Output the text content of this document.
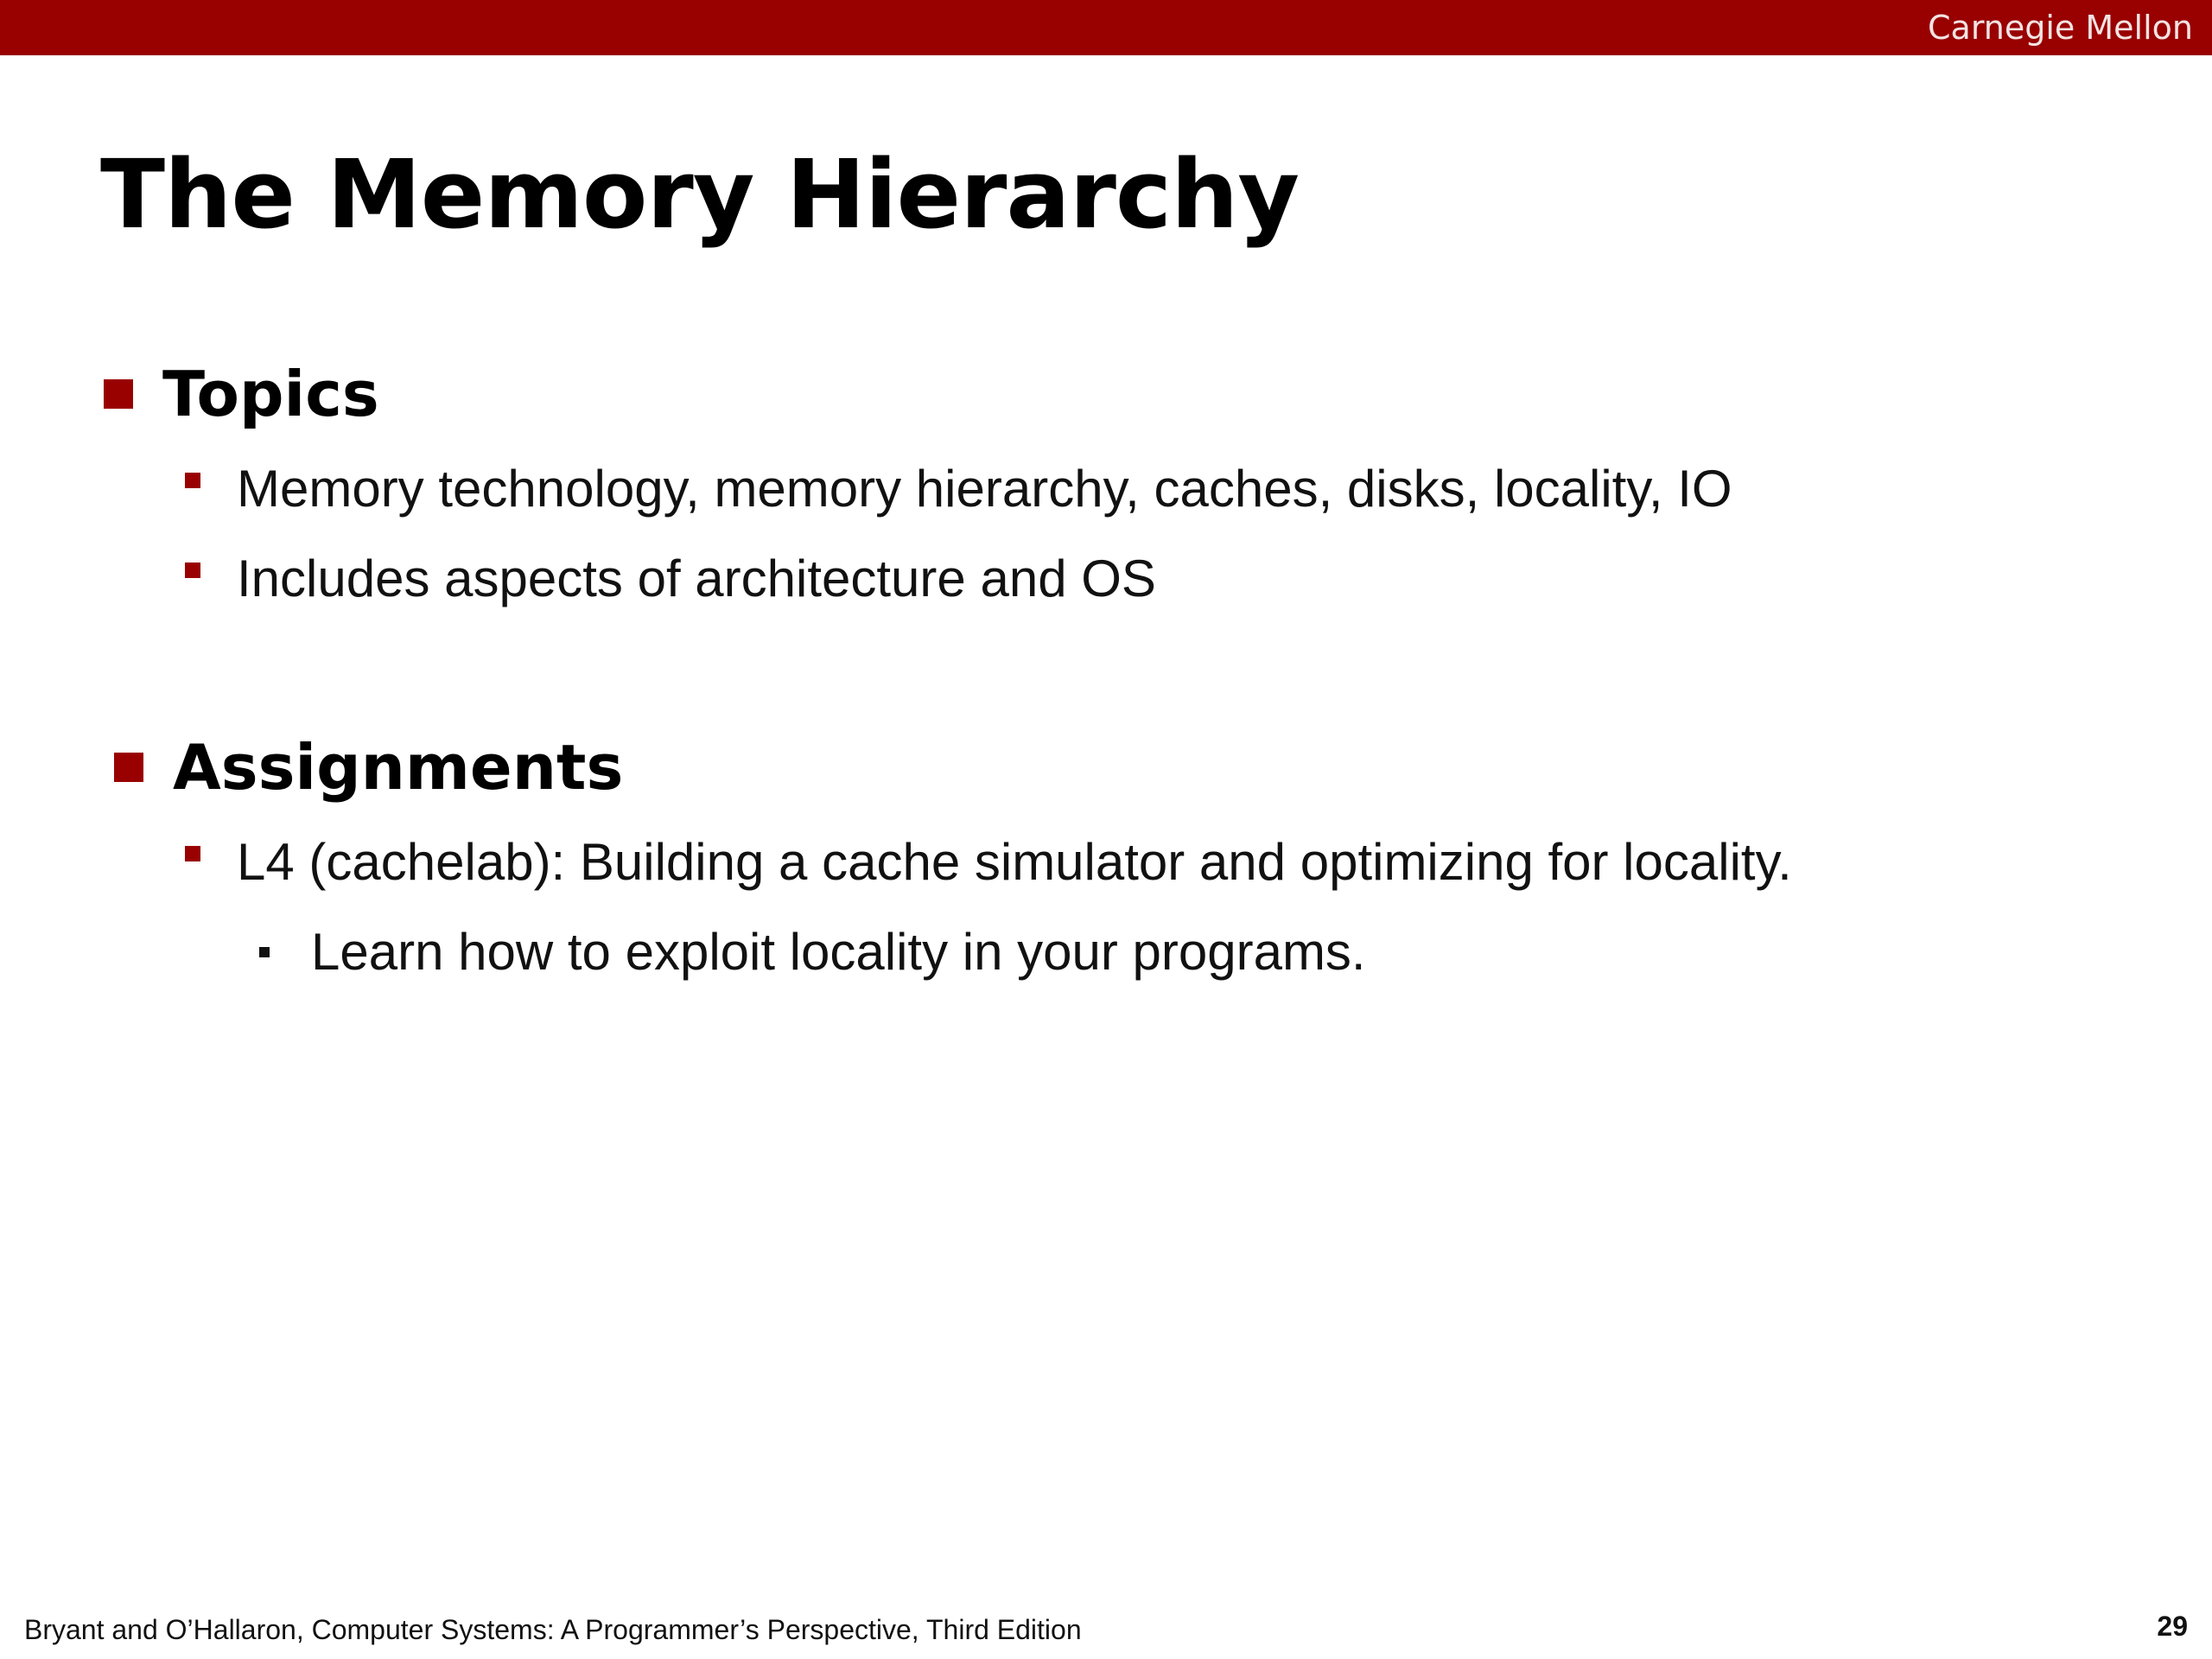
Carnegie Mellon
The Memory Hierarchy
Topics
Memory technology, memory hierarchy, caches, disks, locality, IO
Includes aspects of architecture and OS
Assignments
L4 (cachelab): Building a cache simulator and optimizing for locality.
Learn how to exploit locality in your programs.
Bryant and O’Hallaron, Computer Systems: A Programmer’s Perspective, Third Edition	29
